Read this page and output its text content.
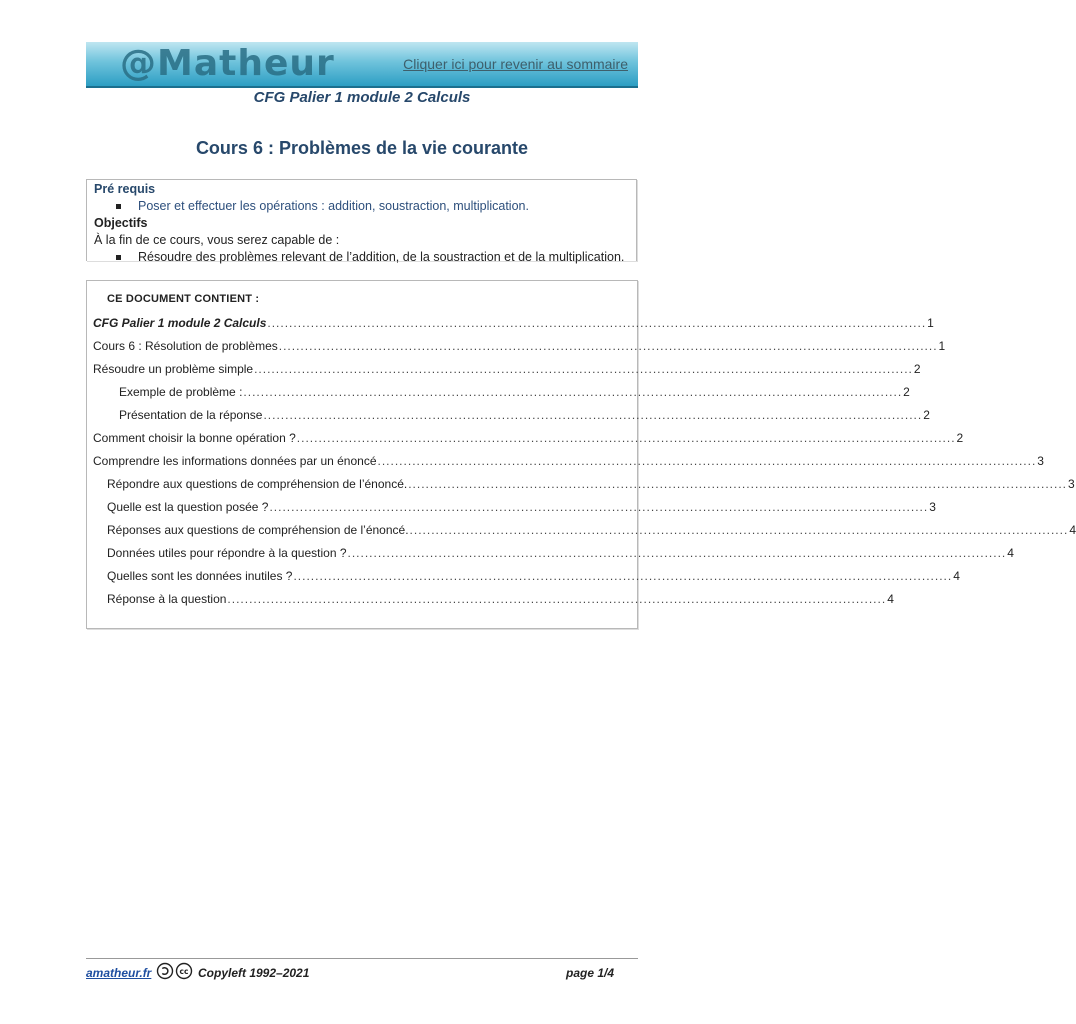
@Matheur	Cliquer ici pour revenir au sommaire
CFG Palier 1 module 2 Calculs
Cours 6 : Problèmes de la vie courante
Pré requis
Poser et effectuer les opérations : addition, soustraction, multiplication.
Objectifs
À la fin de ce cours, vous serez capable de :
Résoudre des problèmes relevant de l’addition, de la soustraction et de la multiplication.
CE DOCUMENT CONTIENT :
CFG Palier 1 module 2 Calculs ........................................................................................................................................................ 1
Cours 6 : Résolution de problèmes ........................................................................................................................................................ 1
Résoudre un problème simple ........................................................................................................................................................ 2
Exemple de problème : ........................................................................................................................................................ 2
Présentation de la réponse ........................................................................................................................................................ 2
Comment choisir la bonne opération ? ........................................................................................................................................................ 2
Comprendre les informations données par un énoncé ........................................................................................................................................................ 3
Répondre aux questions de compréhension de l’énoncé. ........................................................................................................................................................ 3
Quelle est la question posée ? ........................................................................................................................................................ 3
Réponses aux questions de compréhension de l’énoncé. ........................................................................................................................................................ 4
Données utiles pour répondre à la question ? ........................................................................................................................................................ 4
Quelles sont les données inutiles ? ........................................................................................................................................................ 4
Réponse à la question ........................................................................................................................................................ 4
amatheur.fr	cc Copyleft 1992–2021	page 1/4
